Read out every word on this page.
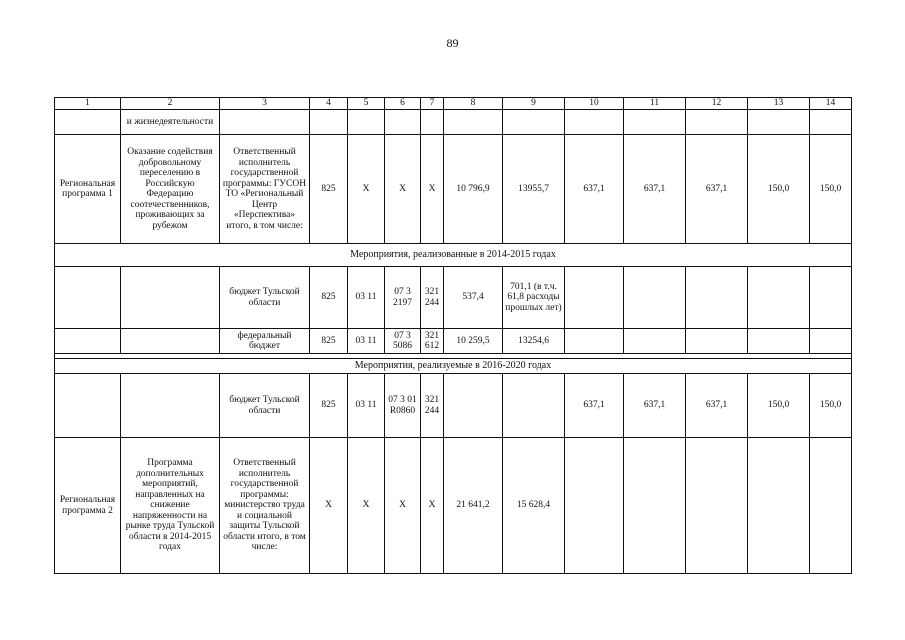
89
1	2	3	4	5	6	7	8	9	10	11	12	13	14
	и жизнедеятельности												
Региональная программа 1	Оказание содействия добровольному переселению в Российскую Федерацию соотечественников, проживающих за рубежом	Ответственный исполнитель государственной программы: ГУСОН ТО «Региональный Центр «Перспектива» итого, в том числе:	825	Х	Х	Х	10 796,9	13955,7	637,1	637,1	637,1	150,0	150,0
Мероприятия, реализованные в 2014-2015 годах													
		бюджет Тульской области	825	03 11	07 3 2197	321 244	537,4	701,1 (в т.ч. 61,8 расходы прошлых лет)					
		федеральный бюджет	825	03 11	07 3 5086	321 612	10 259,5	13254,6					

Мероприятия, реализуемые в 2016-2020 годах													
		бюджет Тульской области	825	03 11	07 3 01 R0860	321 244			637,1	637,1	637,1	150,0	150,0
Региональная программа 2	Программа дополнительных мероприятий, направленных на снижение напряженности на рынке труда Тульской области в 2014-2015 годах	Ответственный исполнитель государственной программы: министерство труда и социальной защиты Тульской области итого, в том числе:	Х	Х	Х	Х	21 641,2	15 628,4					
